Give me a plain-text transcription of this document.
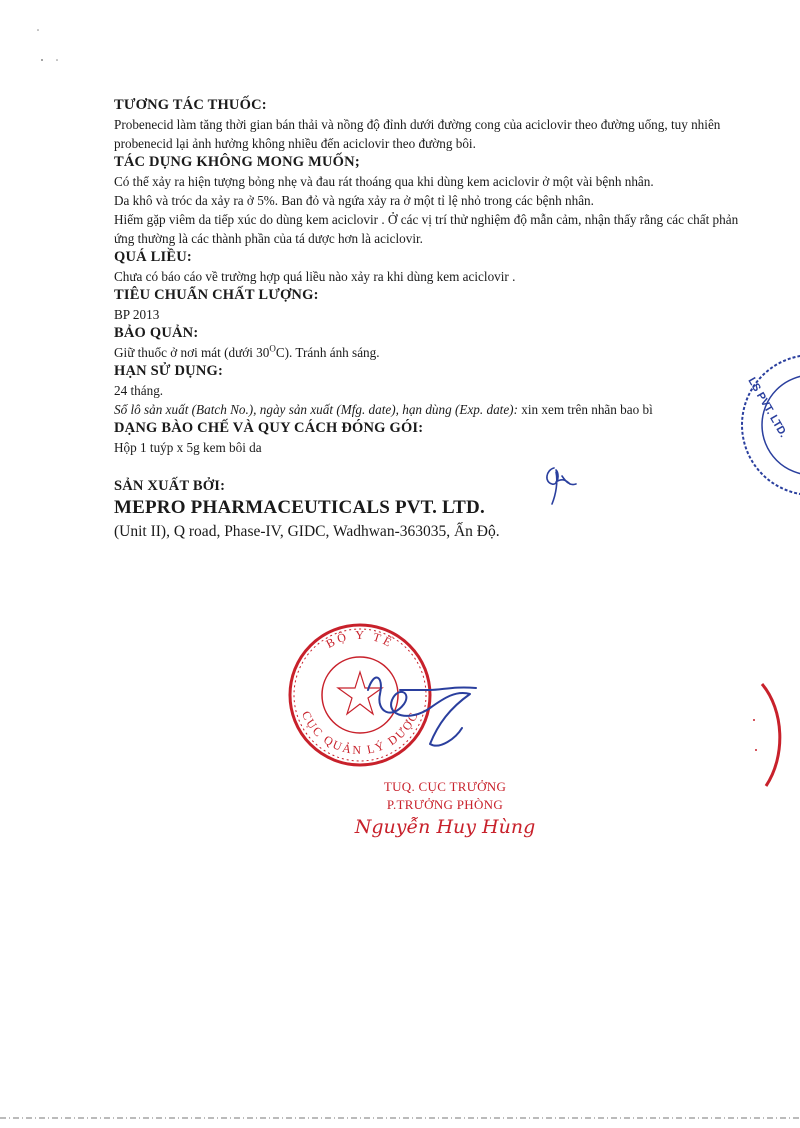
TƯƠNG TÁC THUỐC:
Probenecid làm tăng thời gian bán thải và nồng độ đỉnh dưới đường cong của aciclovir theo đường uống, tuy nhiên probenecid lại ảnh hưởng không nhiều đến aciclovir theo đường bôi.
TÁC DỤNG KHÔNG MONG MUỐN;
Có thể xảy ra hiện tượng bỏng nhẹ và đau rát thoáng qua khi dùng kem aciclovir ở một vài bệnh nhân.
Da khô và tróc da xảy ra ở 5%. Ban đỏ và ngứa xảy ra ở một tỉ lệ nhỏ trong các bệnh nhân.
Hiếm gặp viêm da tiếp xúc do dùng kem aciclovir . Ở các vị trí thử nghiệm độ mẫn cảm, nhận thấy rằng các chất phản ứng thường là các thành phần của tá dược hơn là aciclovir.
QUÁ LIỀU:
Chưa có báo cáo về trường hợp quá liều nào xảy ra khi dùng kem aciclovir .
TIÊU CHUẨN CHẤT LƯỢNG:
BP 2013
BẢO QUẢN:
Giữ thuốc ở nơi mát (dưới $30^OC$). Tránh ánh sáng.
HẠN SỬ DỤNG:
24 tháng.
Số lô sản xuất (Batch No.), ngày sản xuất (Mfg. date), hạn dùng (Exp. date): xin xem trên nhãn bao bì
DẠNG BÀO CHẾ VÀ QUY CÁCH ĐÓNG GÓI:
Hộp 1 tuýp x 5g kem bôi da
SẢN XUẤT BỞI:
MEPRO PHARMACEUTICALS PVT. LTD.
(Unit II), Q road, Phase-IV, GIDC, Wadhwan-363035, Ấn Độ.
LS PVT. LTD.
BỘ Y TẾ
CỤC QUẢN LÝ DƯỢC
TUQ. CỤC TRƯỞNG
P.TRƯỞNG PHÒNG
Nguyễn Huy Hùng
